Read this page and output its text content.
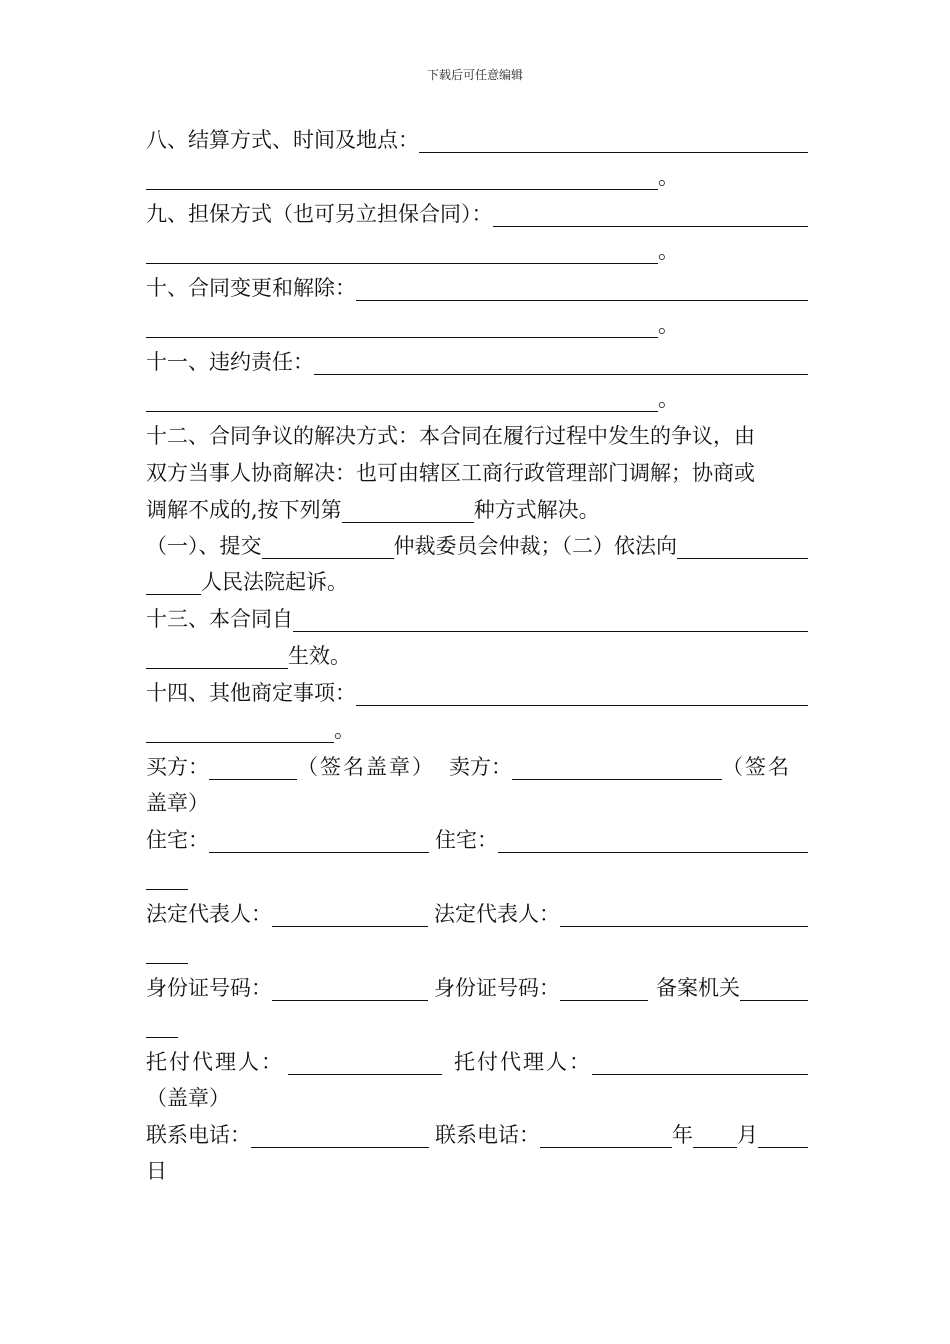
下载后可任意编辑
八、结算方式、时间及地点：
。
九、担保方式（也可另立担保合同）：
。
十、合同变更和解除：
。
十一、违约责任：
。
十二、合同争议的解决方式：本合同在履行过程中发生的争议，由
双方当事人协商解决：也可由辖区工商行政管理部门调解；协商或
调解不成的,按下列第	种方式解决。
（一）、提交	仲裁委员会仲裁；（二）依法向
人民法院起诉。
十三、本合同自
生效。
十四、其他商定事项：
。
买方：	（签名盖章） 卖方：	（签名
盖章）
住宅：	住宅：
法定代表人：	法定代表人：
身份证号码：	身份证号码：	备案机关
托付代理人：	托付代理人：
（盖章）
联系电话：	联系电话：	年 月
日
